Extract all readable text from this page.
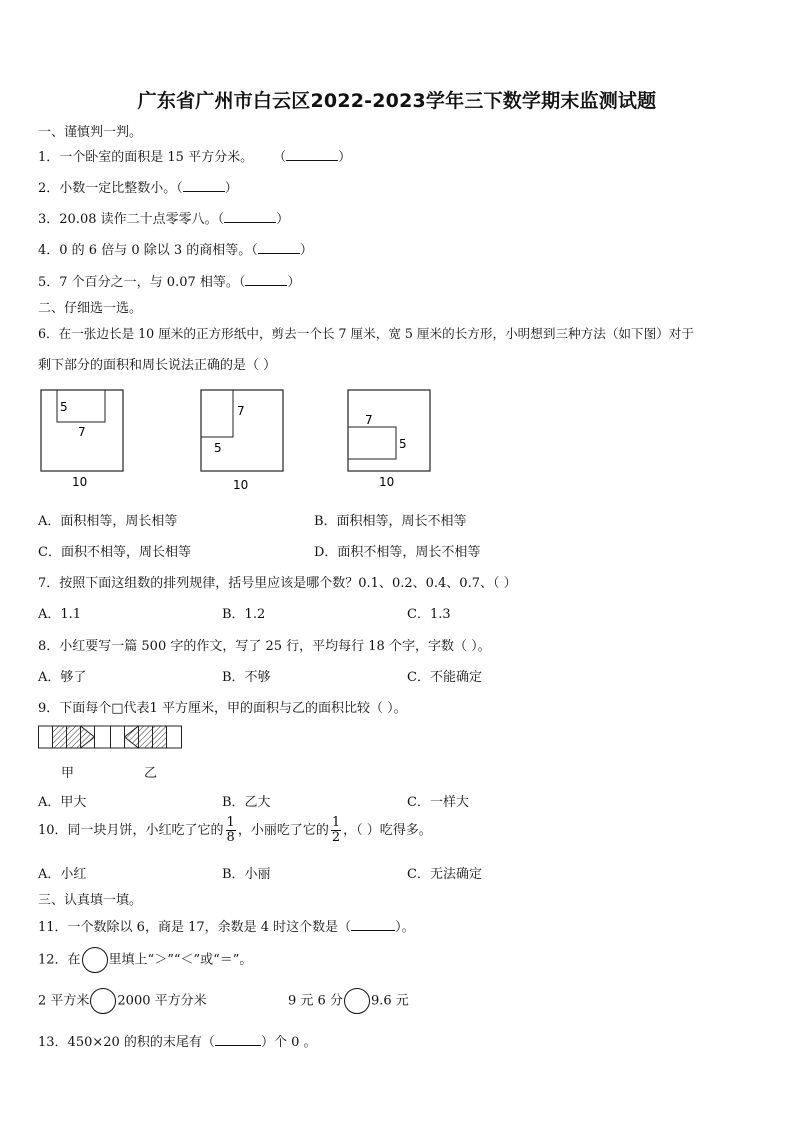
广东省广州市白云区2022-2023学年三下数学期末监测试题
一、谨慎判一判。
1．一个卧室的面积是 15 平方分米。 （	）
2．小数一定比整数小。（	）
3．20.08 读作二十点零零八。（	）
4．0 的 6 倍与 0 除以 3 的商相等。（	）
5．7 个百分之一，与 0.07 相等。（	）
二、仔细选一选。
6．在一张边长是 10 厘米的正方形纸中，剪去一个长 7 厘米，宽 5 厘米的长方形，小明想到三种方法（如下图）对于
剩下部分的面积和周长说法正确的是（ ）
5
7
10
7
5
10
7
5
10
A．面积相等，周长相等	B．面积相等，周长不相等
C．面积不相等，周长相等	D．面积不相等，周长不相等
7．按照下面这组数的排列规律，括号里应该是哪个数？0.1、0.2、0.4、0.7、（ ）
A．1.1	B．1.2	C．1.3
8．小红要写一篇 500 字的作文，写了 25 行，平均每行 18 个字，字数（ ）。
A．够了	B．不够	C．不能确定
9．下面每个□代表1 平方厘米，甲的面积与乙的面积比较（ ）。
甲	乙
A．甲大	B．乙大	C．一样大
10．同一块月饼，小红吃了它的 $\frac{1}{8}$ ，小丽吃了它的 $\frac{1}{2}$ ，（ ）吃得多。
A．小红	B．小丽	C．无法确定
三、认真填一填。
11．一个数除以 6，商是 17，余数是 4 时这个数是（	）。
12．在 里填上“＞”“＜”或“＝”。
2 平方米 2000 平方分米	9 元 6 分 9.6 元
13．450×20 的积的末尾有（	）个 0 。
